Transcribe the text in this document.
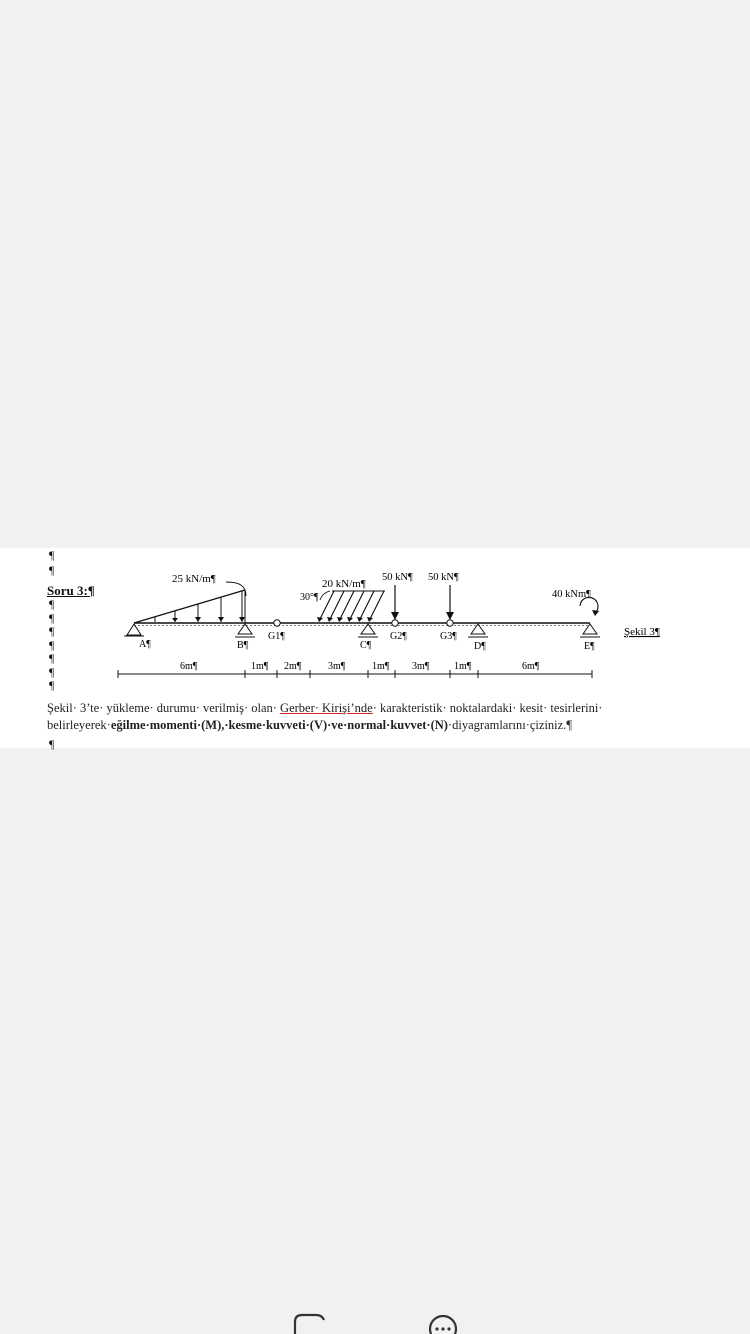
¶
¶
Soru 3:¶
¶
¶
¶
¶
¶
¶
¶
25 kN/m¶	20 kN/m¶
30°¶
50 kN¶ 50 kN¶
40 kNm¶
A¶	B¶	C¶	D¶	E¶
G1¶	G2¶	G3¶
6m¶	1m¶ 2m¶	3m¶	1m¶ 3m¶ 1m¶	6m¶
Şekil 3¶
Şekil· 3’te· yükleme· durumu· verilmiş· olan· Gerber· Kirişi’nde· karakteristik· noktalardaki· kesit· tesirlerini· belirleyerek·eğilme·momenti·(M),·kesme·kuvveti·(V)·ve·normal·kuvvet·(N)·diyagramlarını·çiziniz.¶
¶
